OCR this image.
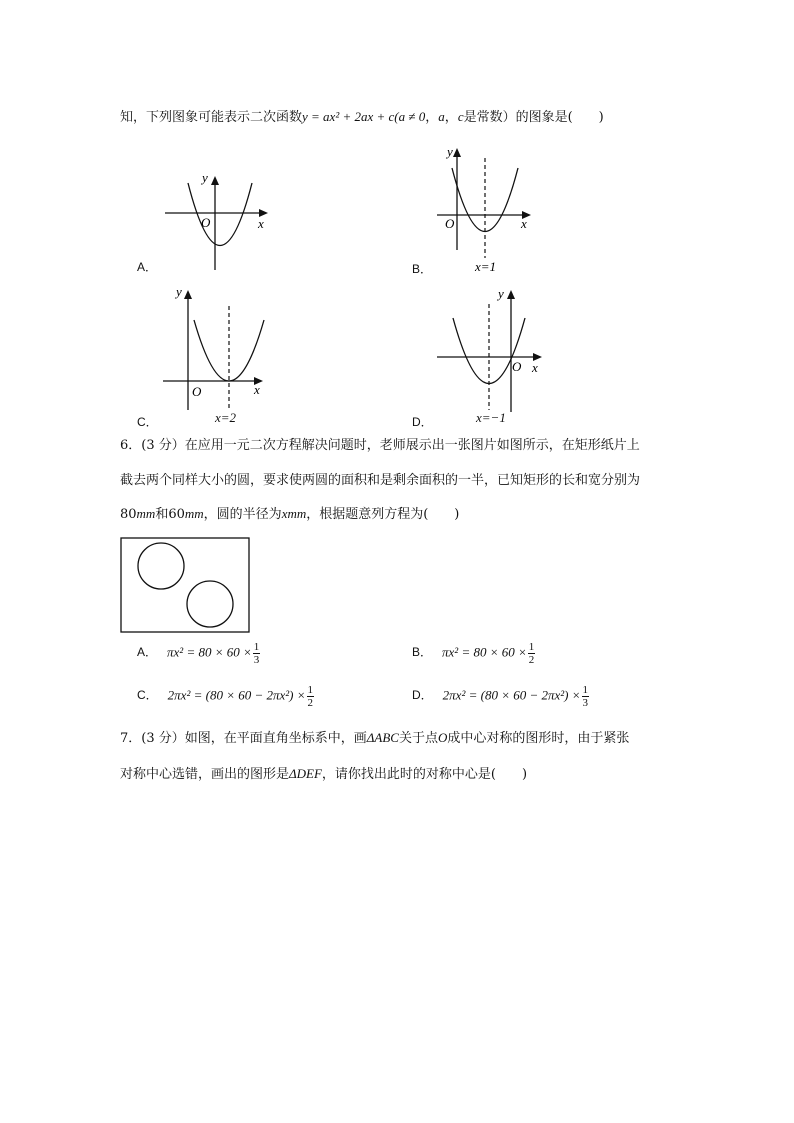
知，下列图象可能表示二次函数y = ax² + 2ax + c(a ≠ 0，a，c是常数）的图象是(　　)
y
x
O
A．
y
x
O
x=1
B．
y
x
O
x=2
C．
y
x
O
x=−1
D．
6．(3 分）在应用一元二次方程解决问题时，老师展示出一张图片如图所示，在矩形纸片上
截去两个同样大小的圆，要求使两圆的面积和是剩余面积的一半，已知矩形的长和宽分别为
80mm和60mm，圆的半径为xmm，根据题意列方程为(　　)
A． $\pi x^2 = 80 \times 60 \times \frac{1}{3}$	B． $\pi x^2 = 80 \times 60 \times \frac{1}{2}$
C． $2\pi x^2 = (80 \times 60 - 2\pi x^2) \times \frac{1}{2}$	D． $2\pi x^2 = (80 \times 60 - 2\pi x^2) \times \frac{1}{3}$
7．(3 分）如图，在平面直角坐标系中，画ΔABC关于点O成中心对称的图形时，由于紧张
对称中心选错，画出的图形是ΔDEF，请你找出此时的对称中心是(　　)
